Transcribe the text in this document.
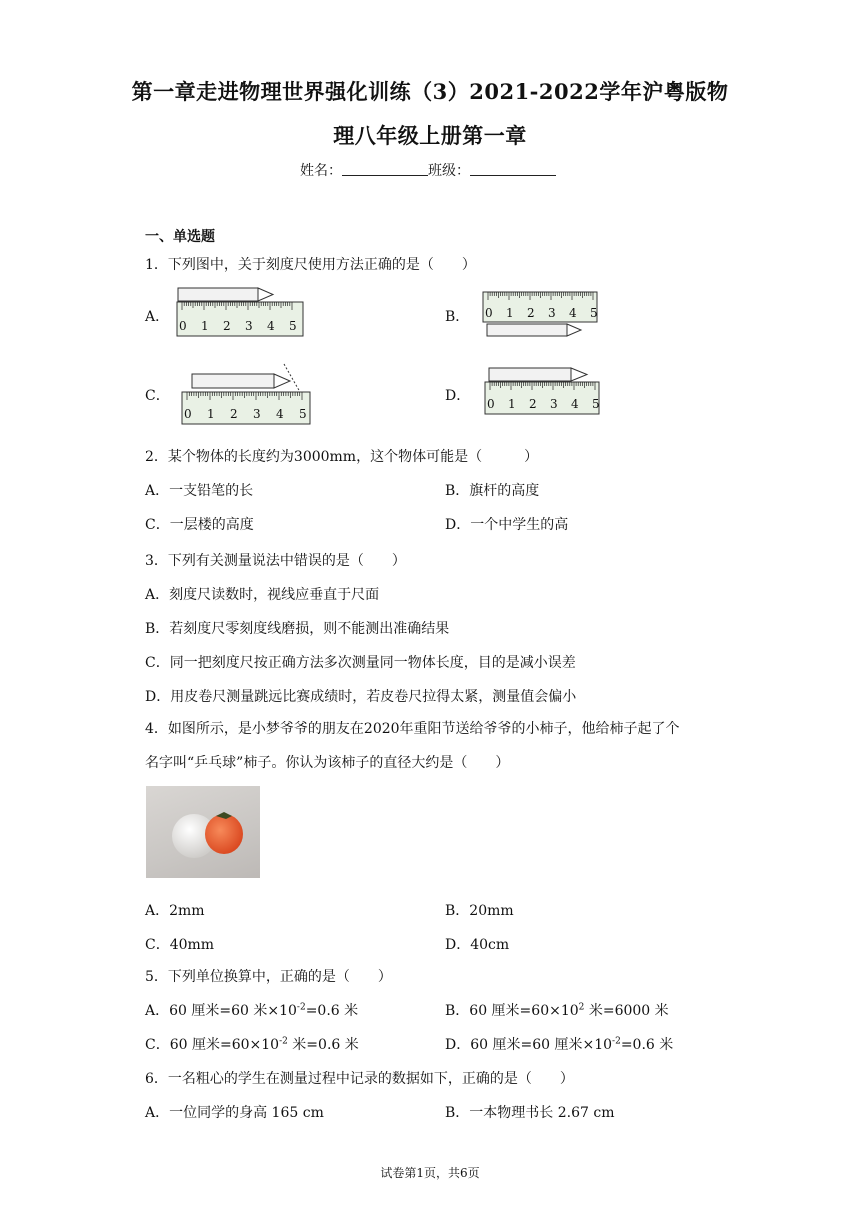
第一章走进物理世界强化训练（3）2021-2022学年沪粤版物
理八年级上册第一章
姓名：	班级：
一、单选题
1．下列图中，关于刻度尺使用方法正确的是（　　）
A．	B．
C．	D．
0 1 2 3 4 5
0 1 2 3 4 5
0 1 2 3 4 5
0 1 2 3 4 5
2．某个物体的长度约为3000mm，这个物体可能是（　　　）
A．一支铅笔的长	B．旗杆的高度
C．一层楼的高度	D．一个中学生的高
3．下列有关测量说法中错误的是（　　）
A．刻度尺读数时，视线应垂直于尺面
B．若刻度尺零刻度线磨损，则不能测出准确结果
C．同一把刻度尺按正确方法多次测量同一物体长度，目的是减小误差
D．用皮卷尺测量跳远比赛成绩时，若皮卷尺拉得太紧，测量值会偏小
4．如图所示，是小梦爷爷的朋友在2020年重阳节送给爷爷的小柿子，他给柿子起了个
名字叫“乒乓球”柿子。你认为该柿子的直径大约是（　　）
A．2mm	B．20mm
C．40mm	D．40cm
5．下列单位换算中，正确的是（　　）
A．60 厘米=60 米$\times 10^{-2}=0.6$ 米	B．60 厘米$=60\times 10^2$ 米=6000 米
C．60 厘米$=60\times 10^{-2}$ 米=0.6 米	D．60 厘米=60 厘米$\times 10^{-2}=0.6$ 米
6．一名粗心的学生在测量过程中记录的数据如下，正确的是（　　）
A．一位同学的身高 165 cm	B．一本物理书长 2.67 cm
试卷第1页，共6页
